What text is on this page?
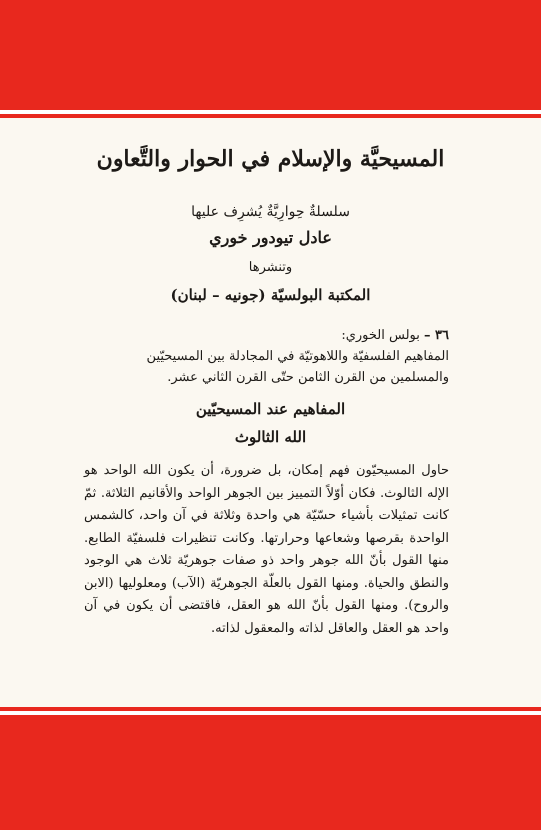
المسيحيَّة والإسلام في الحوار والتَّعاون
سلسلةٌ حِوارِيَّةٌ يُشرِف عليها
عادل تيودور خوري
وتنشرها
المكتبة البولسيّة (جونيه – لبنان)
٣٦ – بولس الخوري:
المفاهيم الفلسفيّة واللاهوتيّة في المجادلة بين المسيحيّين والمسلمين من القرن الثامن حتّى القرن الثاني عشر.
المفاهيم عند المسيحيّين
الله الثالوث
حاول المسيحيّون فهم إمكان، بل ضرورة، أن يكون الله الواحد هو الإله الثالوث. فكان أوّلاً التمييز بين الجوهر الواحد والأقانيم الثلاثة. ثمّ كانت تمثيلات بأشياء حسّيّة هي واحدة وثلاثة في آن واحد، كالشمس الواحدة بقرصها وشعاعها وحرارتها. وكانت تنظيرات فلسفيّة الطابع. منها القول بأنّ الله جوهر واحد ذو صفات جوهريّة ثلاث هي الوجود والنطق والحياة. ومنها القول بالعلّة الجوهريّة (الآب) ومعلوليها (الابن والروح). ومنها القول بأنّ الله هو العقل، فاقتضى أن يكون في آن واحد هو العقل والعاقل لذاته والمعقول لذاته.
